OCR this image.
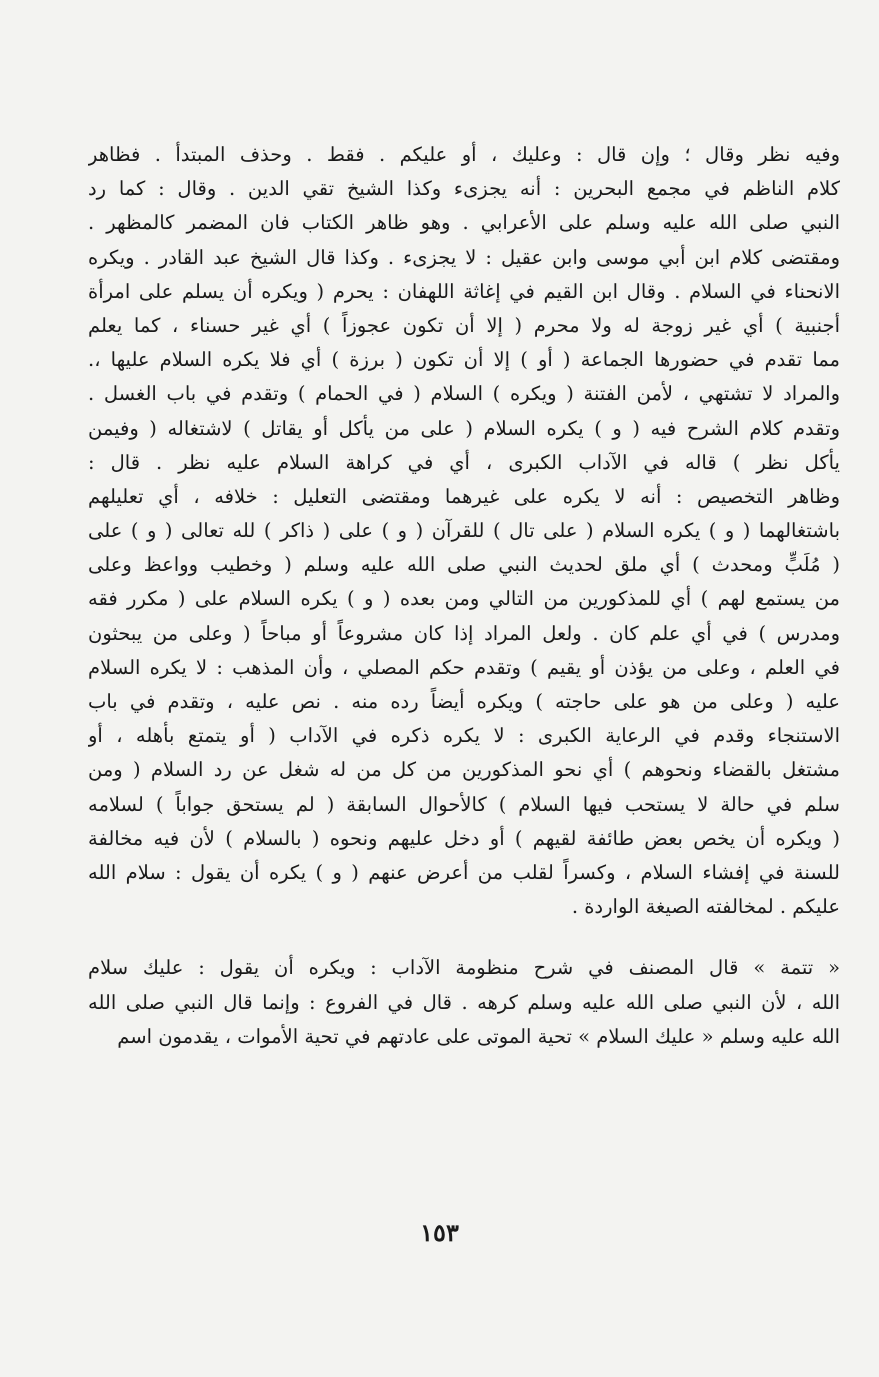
وفيه نظر وقال ؛ وإن قال : وعليك ، أو عليكم . فقط . وحذف المبتدأ . فظاهر
كلام الناظم في مجمع البحرين : أنه يجزىء وكذا الشيخ تقي الدين . وقال : كما رد
النبي صلى الله عليه وسلم على الأعرابي . وهو ظاهر الكتاب فان المضمر كالمظهر .
ومقتضى كلام ابن أبي موسى وابن عقيل : لا يجزىء . وكذا قال الشيخ عبد القادر . ويكره
الانحناء في السلام . وقال ابن القيم في إغاثة اللهفان : يحرم ( ويكره أن يسلم على امرأة
أجنبية ) أي غير زوجة له ولا محرم ( إلا أن تكون عجوزاً ) أي غير حسناء ، كما يعلم
مما تقدم في حضورها الجماعة ( أو ) إلا أن تكون ( برزة ) أي فلا يكره السلام عليها ،.
والمراد لا تشتهي ، لأمن الفتنة ( ويكره ) السلام ( في الحمام ) وتقدم في باب الغسل .
وتقدم كلام الشرح فيه ( و ) يكره السلام ( على من يأكل أو يقاتل ) لاشتغاله ( وفيمن
يأكل نظر ) قاله في الآداب الكبرى ، أي في كراهة السلام عليه نظر . قال :
وظاهر التخصيص : أنه لا يكره على غيرهما ومقتضى التعليل : خلافه ، أي تعليلهم
باشتغالهما ( و ) يكره السلام ( على تال ) للقرآن ( و ) على ( ذاكر ) لله تعالى ( و ) على
( مُلَبٍّ ومحدث ) أي ملق لحديث النبي صلى الله عليه وسلم ( وخطيب وواعظ وعلى
من يستمع لهم ) أي للمذكورين من التالي ومن بعده ( و ) يكره السلام على ( مكرر فقه
ومدرس ) في أي علم كان . ولعل المراد إذا كان مشروعاً أو مباحاً ( وعلى من يبحثون
في العلم ، وعلى من يؤذن أو يقيم ) وتقدم حكم المصلي ، وأن المذهب : لا يكره السلام
عليه ( وعلى من هو على حاجته ) ويكره أيضاً رده منه . نص عليه ، وتقدم في باب
الاستنجاء وقدم في الرعاية الكبرى : لا يكره ذكره في الآداب ( أو يتمتع بأهله ، أو
مشتغل بالقضاء ونحوهم ) أي نحو المذكورين من كل من له شغل عن رد السلام ( ومن
سلم في حالة لا يستحب فيها السلام ) كالأحوال السابقة ( لم يستحق جواباً ) لسلامه
( ويكره أن يخص بعض طائفة لقيهم ) أو دخل عليهم ونحوه ( بالسلام ) لأن فيه مخالفة
للسنة في إفشاء السلام ، وكسراً لقلب من أعرض عنهم ( و ) يكره أن يقول : سلام الله
عليكم . لمخالفته الصيغة الواردة .
« تتمة » قال المصنف في شرح منظومة الآداب : ويكره أن يقول : عليك سلام
الله ، لأن النبي صلى الله عليه وسلم كرهه . قال في الفروع : وإنما قال النبي صلى الله
الله عليه وسلم « عليك السلام » تحية الموتى على عادتهم في تحية الأموات ، يقدمون اسم
١٥٣
